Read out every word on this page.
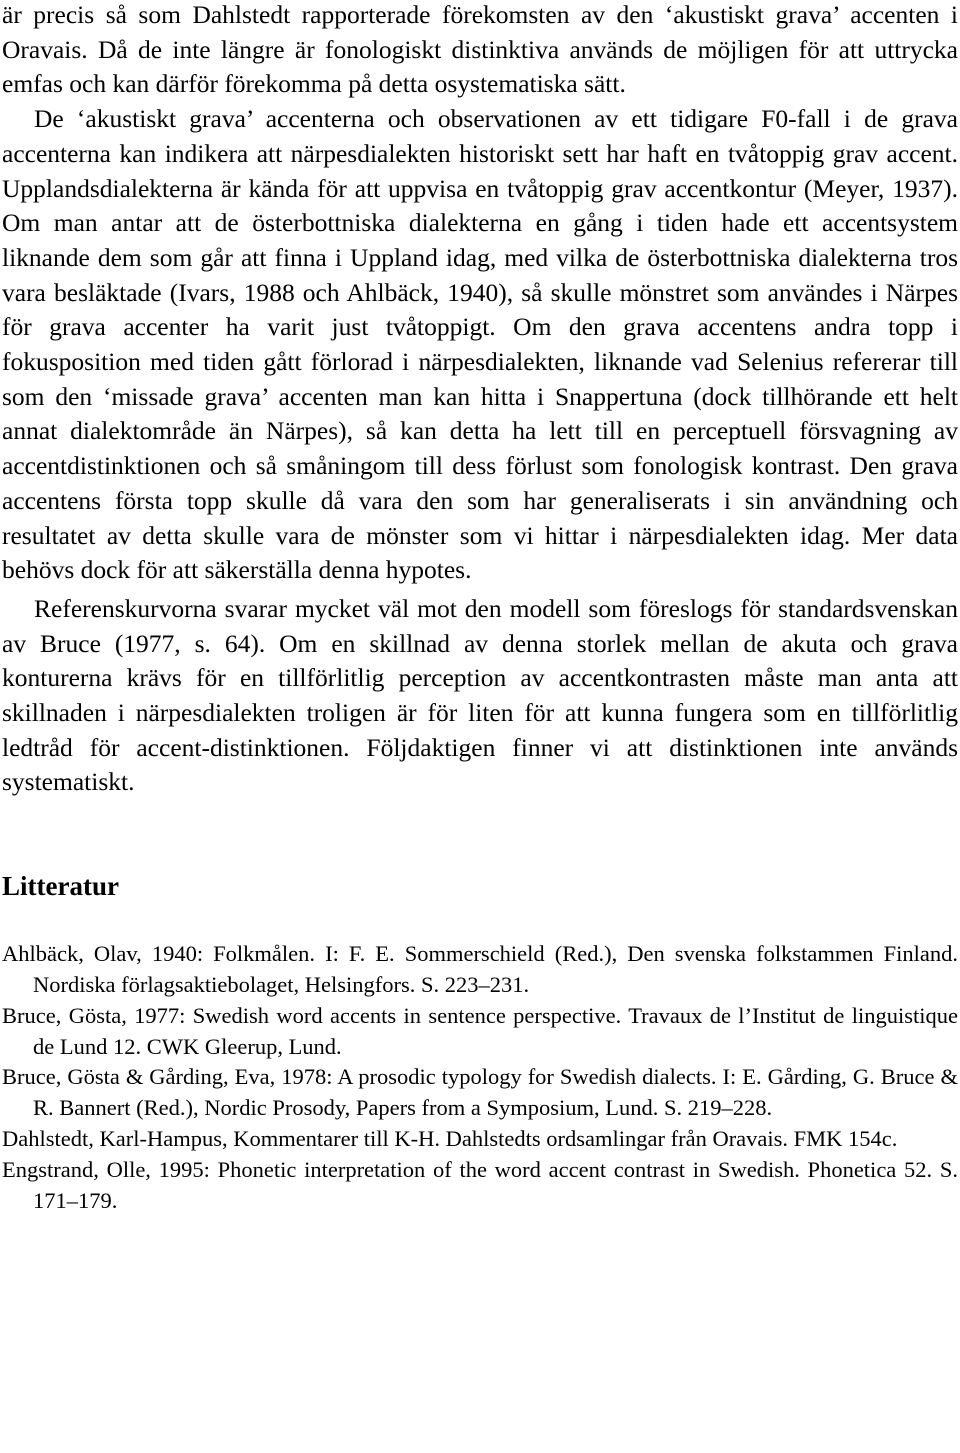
är precis så som Dahlstedt rapporterade förekomsten av den ‘akustiskt grava’ accenten i Oravais. Då de inte längre är fonologiskt distinktiva används de möjligen för att uttrycka emfas och kan därför förekomma på detta osystematiska sätt.

De ‘akustiskt grava’ accenterna och observationen av ett tidigare F0-fall i de grava accenterna kan indikera att närpesdialekten historiskt sett har haft en tvåtoppig grav accent. Upplandsdialekterna är kända för att uppvisa en tvåtoppig grav accentkontur (Meyer, 1937). Om man antar att de österbottniska dialekterna en gång i tiden hade ett accentsystem liknande dem som går att finna i Uppland idag, med vilka de österbottniska dialekterna tros vara besläktade (Ivars, 1988 och Ahlbäck, 1940), så skulle mönstret som användes i Närpes för grava accenter ha varit just tvåtoppigt. Om den grava accentens andra topp i fokusposition med tiden gått förlorad i närpesdialekten, liknande vad Selenius refererar till som den ‘missade grava’ accenten man kan hitta i Snappertuna (dock tillhörande ett helt annat dialektområde än Närpes), så kan detta ha lett till en perceptuell försvagning av accentdistinktionen och så småningom till dess förlust som fonologisk kontrast. Den grava accentens första topp skulle då vara den som har generaliserats i sin användning och resultatet av detta skulle vara de mönster som vi hittar i närpesdialekten idag. Mer data behövs dock för att säkerställa denna hypotes.

Referenskurvorna svarar mycket väl mot den modell som föreslogs för standardsvenskan av Bruce (1977, s. 64). Om en skillnad av denna storlek mellan de akuta och grava konturerna krävs för en tillförlitlig perception av accentkontrasten måste man anta att skillnaden i närpesdialekten troligen är för liten för att kunna fungera som en tillförlitlig ledtråd för accent-distinktionen. Följdaktigen finner vi att distinktionen inte används systematiskt.

Litteratur

Ahlbäck, Olav, 1940: Folkmålen. I: F. E. Sommerschield (Red.), Den svenska folkstammen Finland. Nordiska förlagsaktiebolaget, Helsingfors. S. 223–231.

Bruce, Gösta, 1977: Swedish word accents in sentence perspective. Travaux de l’Institut de linguistique de Lund 12. CWK Gleerup, Lund.

Bruce, Gösta & Gårding, Eva, 1978: A prosodic typology for Swedish dialects. I: E. Gårding, G. Bruce & R. Bannert (Red.), Nordic Prosody, Papers from a Symposium, Lund. S. 219–228.

Dahlstedt, Karl-Hampus, Kommentarer till K-H. Dahlstedts ordsamlingar från Oravais. FMK 154c.

Engstrand, Olle, 1995: Phonetic interpretation of the word accent contrast in Swedish. Phonetica 52. S. 171–179.
